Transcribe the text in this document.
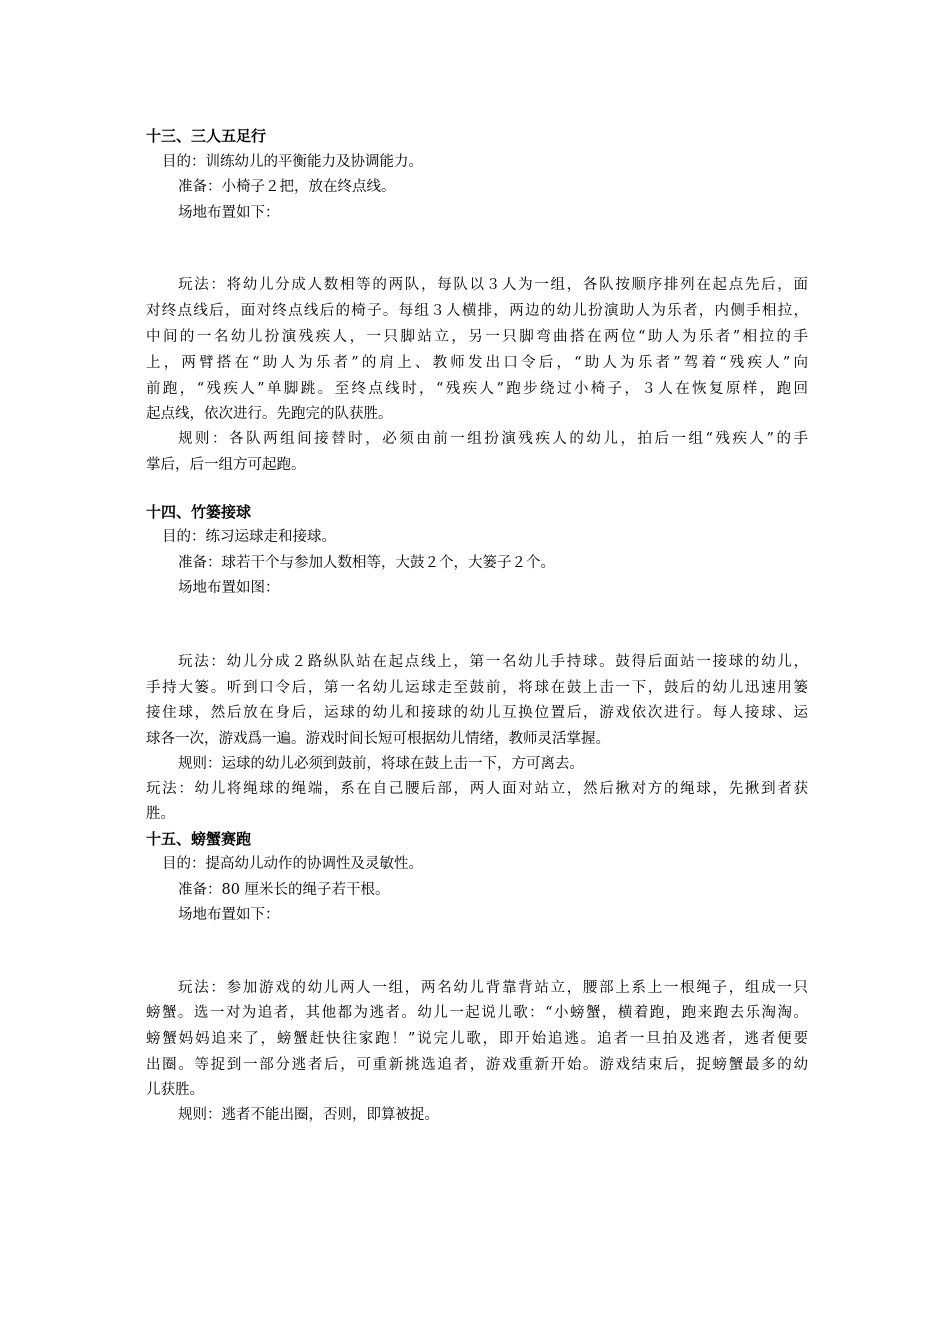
十三、三人五足行
目的：训练幼儿的平衡能力及协调能力。
准备：小椅子２把，放在终点线。
场地布置如下：
玩法：将幼儿分成人数相等的两队，每队以３人为一组，各队按顺序排列在起点先后，面
对终点线后，面对终点线后的椅子。每组３人横排，两边的幼儿扮演助人为乐者，内侧手相拉，
中间的一名幼儿扮演残疾人，一只脚站立，另一只脚弯曲搭在两位“助人为乐者”相拉的手
上，两臂搭在“助人为乐者”的肩上、教师发出口令后，“助人为乐者”驾着“残疾人”向
前跑，“残疾人”单脚跳。至终点线时，“残疾人”跑步绕过小椅子，３人在恢复原样，跑回
起点线，依次进行。先跑完的队获胜。
规则：各队两组间接替时，必须由前一组扮演残疾人的幼儿，拍后一组“残疾人”的手
掌后，后一组方可起跑。
十四、竹篓接球
目的：练习运球走和接球。
准备：球若干个与参加人数相等，大鼓２个，大篓子２个。
场地布置如图：
玩法：幼儿分成２路纵队站在起点线上，第一名幼儿手持球。鼓得后面站一接球的幼儿，
手持大篓。听到口令后，第一名幼儿运球走至鼓前，将球在鼓上击一下，鼓后的幼儿迅速用篓
接住球，然后放在身后，运球的幼儿和接球的幼儿互换位置后，游戏依次进行。每人接球、运
球各一次，游戏爲一遍。游戏时间长短可根据幼儿情绪，教师灵活掌握。
规则：运球的幼儿必须到鼓前，将球在鼓上击一下，方可离去。
玩法：幼儿将绳球的绳端，系在自己腰后部，两人面对站立，然后揪对方的绳球，先揪到者获
胜。
十五、螃蟹赛跑
目的：提高幼儿动作的协调性及灵敏性。
准备：80 厘米长的绳子若干根。
场地布置如下：
玩法：参加游戏的幼儿两人一组，两名幼儿背靠背站立，腰部上系上一根绳子，组成一只
螃蟹。选一对为追者，其他都为逃者。幼儿一起说儿歌：“小螃蟹，横着跑，跑来跑去乐淘淘。
螃蟹妈妈追来了，螃蟹赶快往家跑！”说完儿歌，即开始追逃。追者一旦拍及逃者，逃者便要
出圈。等捉到一部分逃者后，可重新挑选追者，游戏重新开始。游戏结束后，捉螃蟹最多的幼
儿获胜。
规则：逃者不能出圈，否则，即算被捉。
